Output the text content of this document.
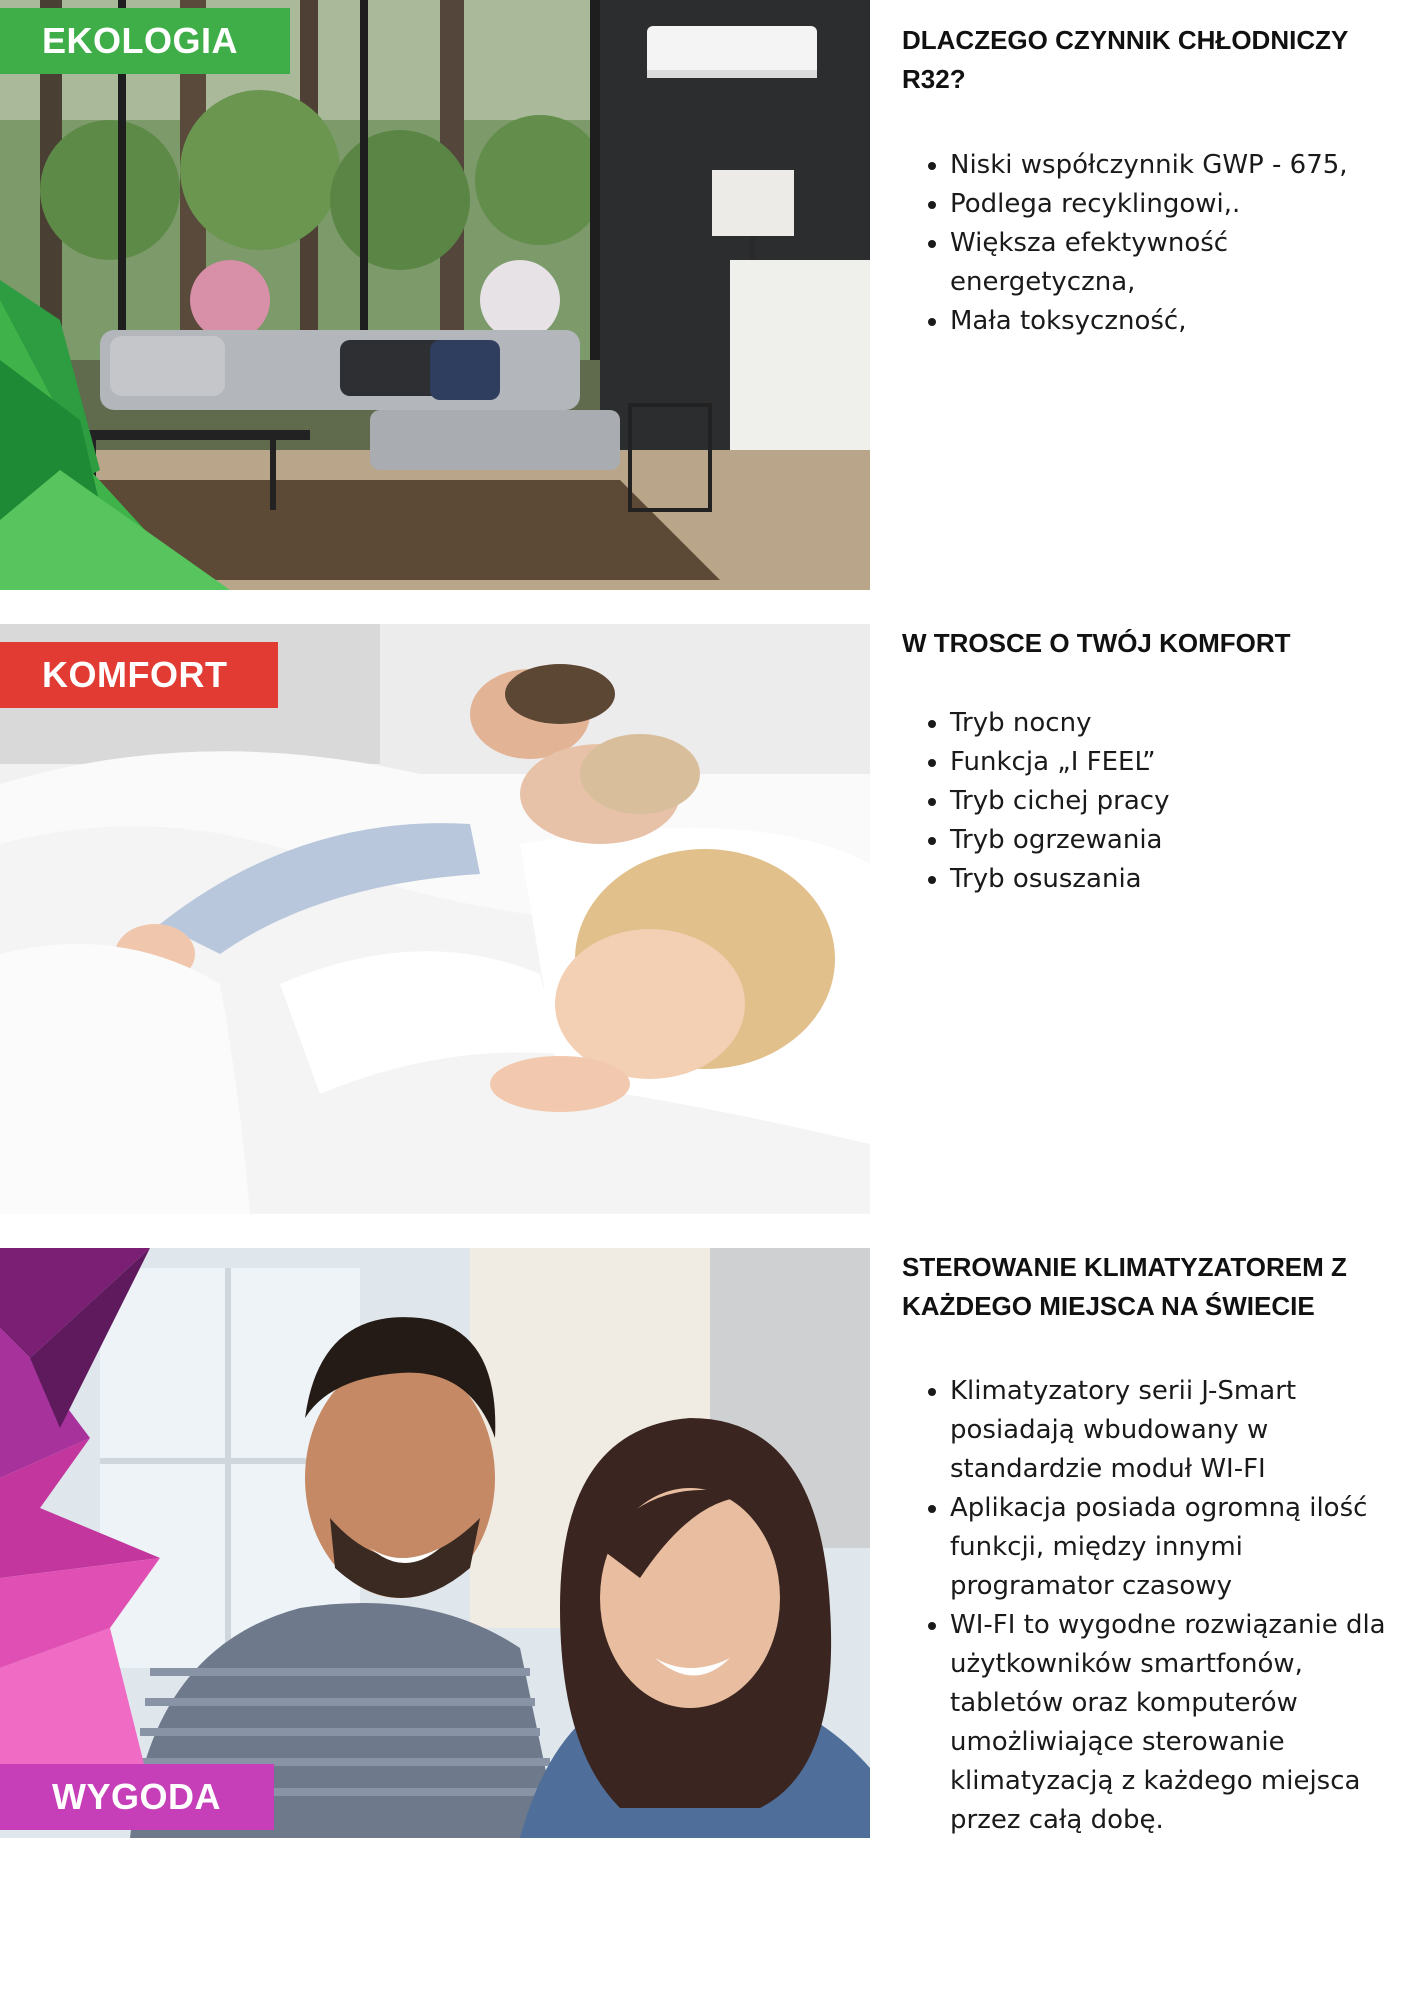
EKOLOGIA	DLACZEGO CZYNNIK CHŁODNICZY R32?
• Niski współczynnik GWP - 675,
• Podlega recyklingowi,.
• Większa efektywność energetyczna,
• Mała toksyczność,
KOMFORT
W TROSCE O TWÓJ KOMFORT
• Tryb nocny
• Funkcja „I FEEL”
• Tryb cichej pracy
• Tryb ogrzewania
• Tryb osuszania
WYGODA
STEROWANIE KLIMATYZATOREM Z KAŻDEGO MIEJSCA NA ŚWIECIE
• Klimatyzatory serii J-Smart posiadają wbudowany w standardzie moduł WI-FI
• Aplikacja posiada ogromną ilość funkcji, między innymi programator czasowy
• WI-FI to wygodne rozwiązanie dla użytkowników smartfonów, tabletów oraz komputerów umożliwiające sterowanie klimatyzacją z każdego miejsca przez całą dobę.
